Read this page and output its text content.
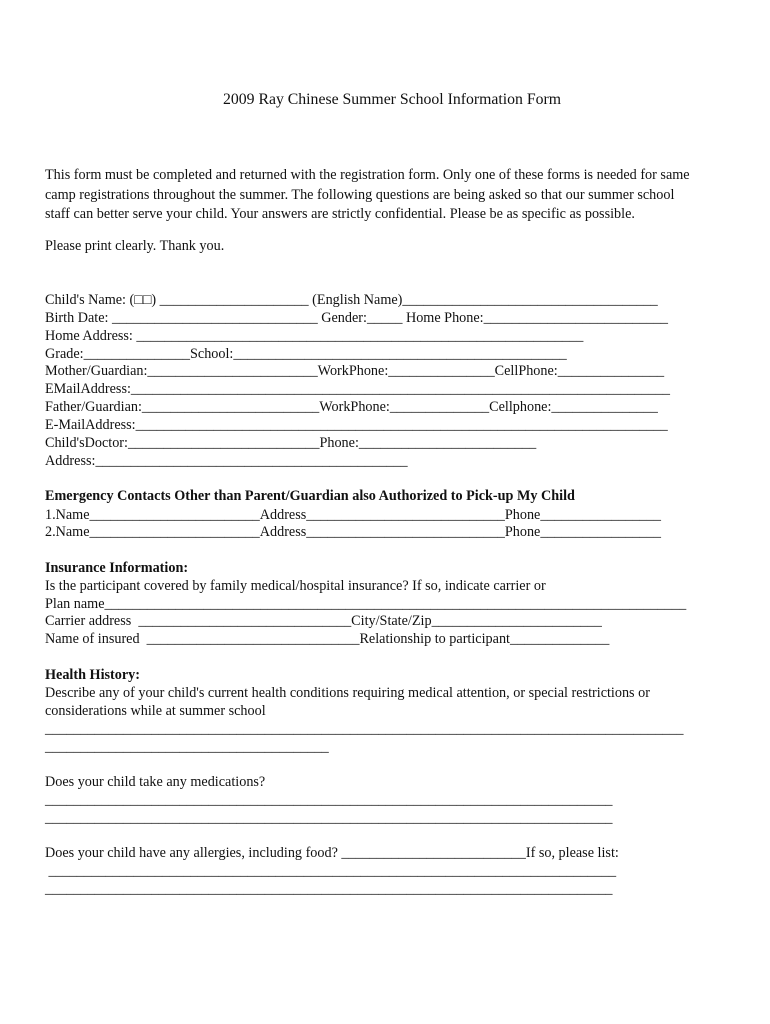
2009 Ray Chinese Summer School Information Form
This form must be completed and returned with the registration form. Only one of these forms is needed for same
camp registrations throughout the summer. The following questions are being asked so that our summer school
staff can better serve your child. Your answers are strictly confidential. Please be as specific as possible.
Please print clearly. Thank you.
Child's Name: (□□) _____________________ (English Name)____________________________________
Birth Date: _____________________________ Gender:_____ Home Phone:__________________________
Home Address: _______________________________________________________________
Grade:_______________School:_______________________________________________
Mother/Guardian:________________________WorkPhone:_______________CellPhone:_______________
EMailAddress:____________________________________________________________________________
Father/Guardian:_________________________WorkPhone:______________Cellphone:_______________
E-MailAddress:___________________________________________________________________________
Child'sDoctor:___________________________Phone:_________________________
Address:____________________________________________
Emergency Contacts Other than Parent/Guardian also Authorized to Pick-up My Child
1.Name________________________Address____________________________Phone_________________
2.Name________________________Address____________________________Phone_________________
Insurance Information:
Is the participant covered by family medical/hospital insurance? If so, indicate carrier or
Plan name__________________________________________________________________________________
Carrier address  ______________________________City/State/Zip________________________
Name of insured  ______________________________Relationship to participant______________
Health History:
Describe any of your child's current health conditions requiring medical attention, or special restrictions or
considerations while at summer school
__________________________________________________________________________________________
________________________________________
Does your child take any medications?
________________________________________________________________________________
________________________________________________________________________________
Does your child have any allergies, including food? __________________________If so, please list:
________________________________________________________________________________
________________________________________________________________________________
